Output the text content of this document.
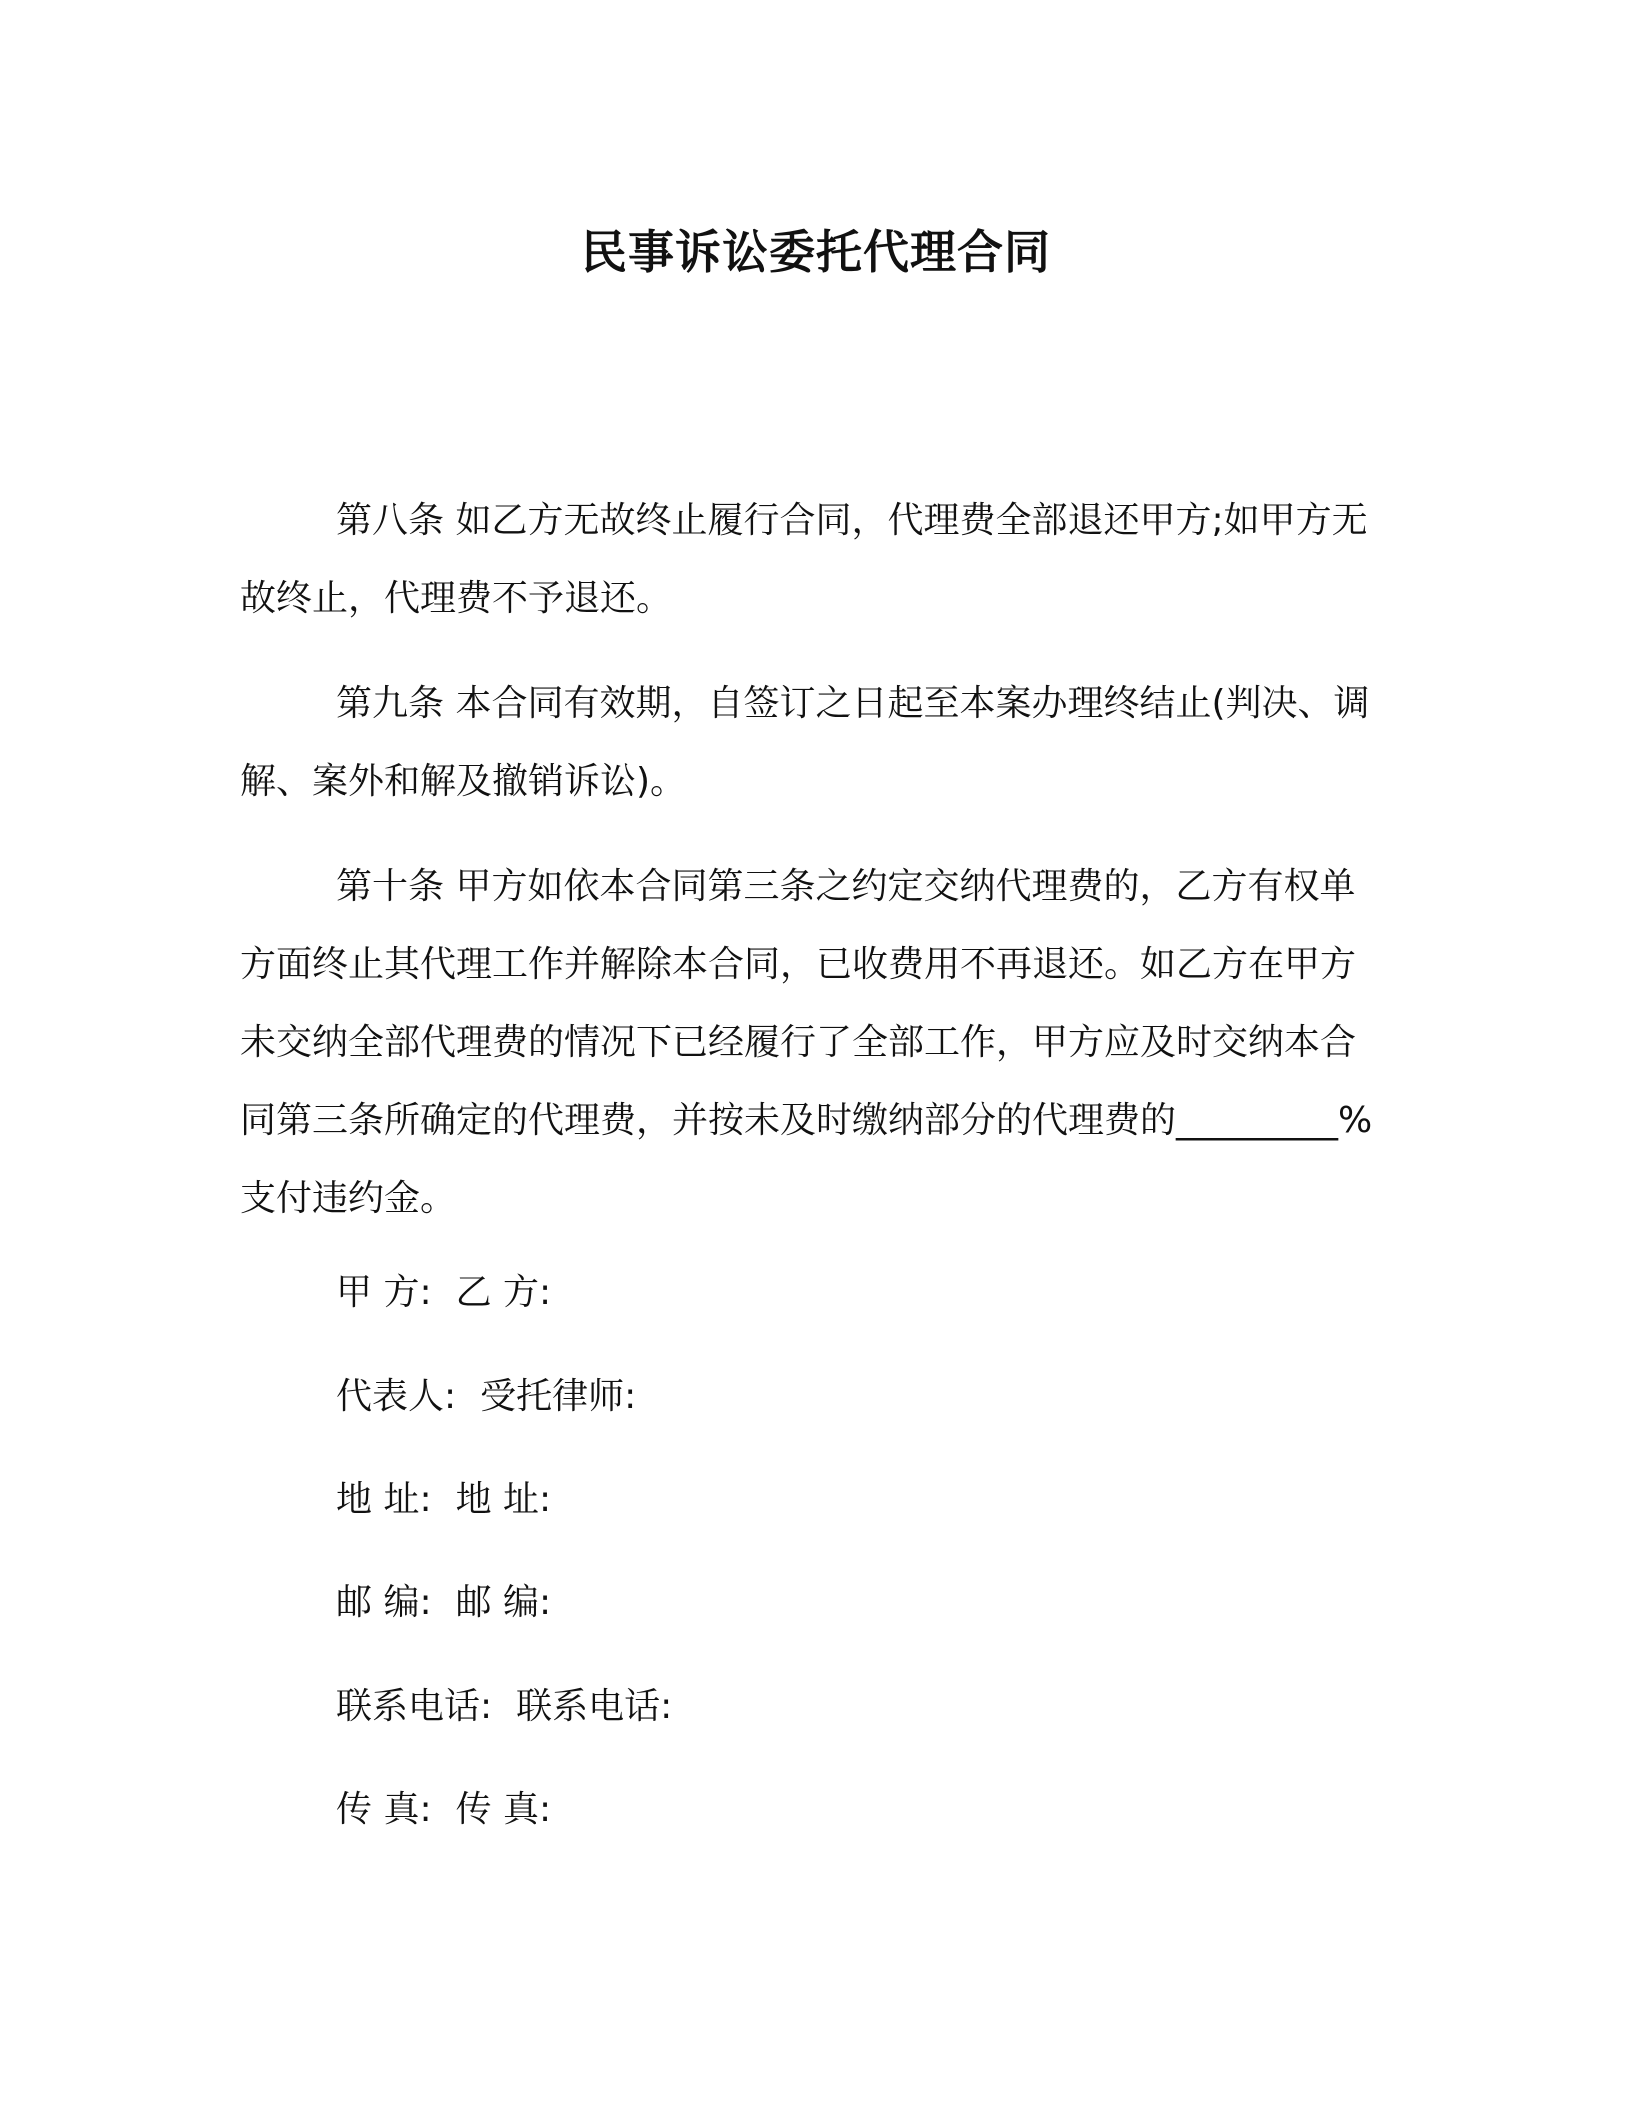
民事诉讼委托代理合同

第八条 如乙方无故终止履行合同，代理费全部退还甲方;如甲方无故终止，代理费不予退还。

第九条 本合同有效期，自签订之日起至本案办理终结止(判决、调解、案外和解及撤销诉讼)。

第十条 甲方如依本合同第三条之约定交纳代理费的，乙方有权单方面终止其代理工作并解除本合同，已收费用不再退还。如乙方在甲方未交纳全部代理费的情况下已经履行了全部工作，甲方应及时交纳本合同第三条所确定的代理费，并按未及时缴纳部分的代理费的_________%支付违约金。

甲 方: 乙 方:
代表人: 受托律师:
地 址: 地 址:
邮 编: 邮 编:
联系电话: 联系电话:
传 真: 传 真:
